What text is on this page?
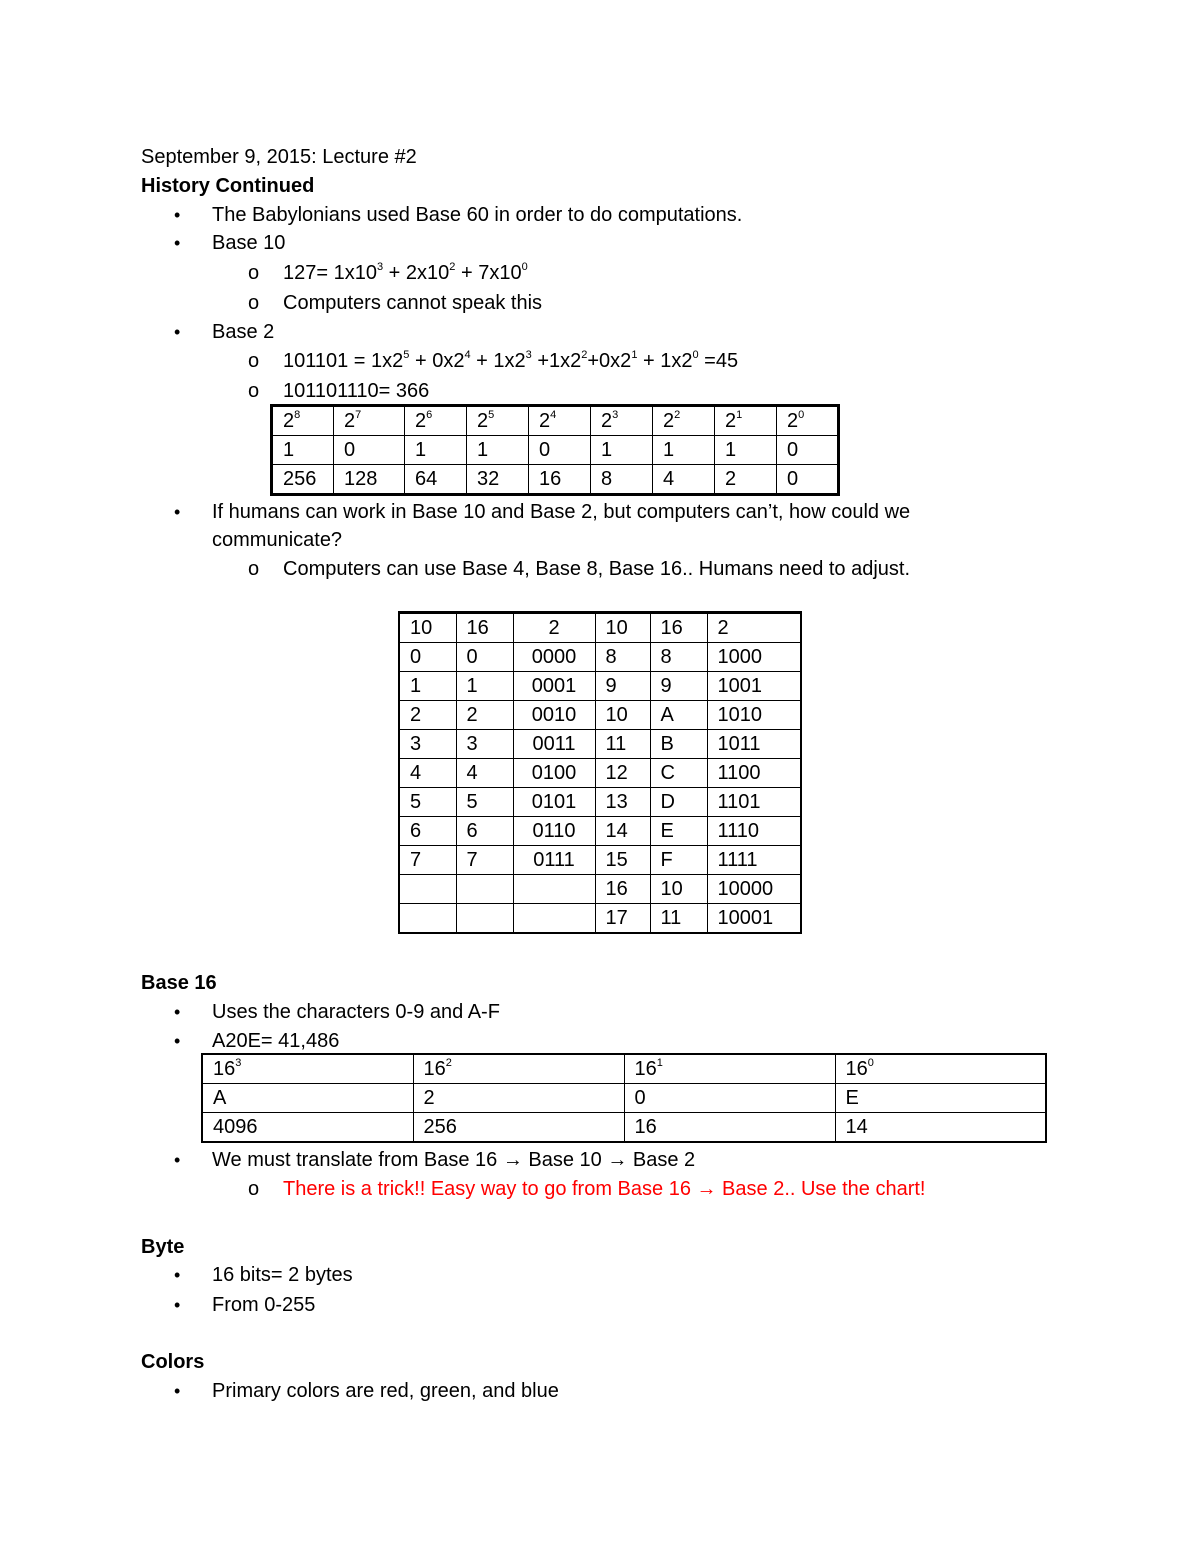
September 9, 2015: Lecture #2
History Continued
• The Babylonians used Base 60 in order to do computations.
• Base 10
o $127= 1x10^3 + 2x10^2 + 7x10^0$
o Computers cannot speak this
• Base 2
o $101101 = 1x2^5 + 0x2^4 + 1x2^3 +1x2^2+0x2^1 + 1x2^0 =45$
o 101101110= 366
$2^8$	$2^7$	$2^6$	$2^5$	$2^4$	$2^3$	$2^2$	$2^1$	$2^0$
1	0	1	1	0	1	1	1	0
256	128	64	32	16	8	4	2	0
• If humans can work in Base 10 and Base 2, but computers can’t, how could we
communicate?
o Computers can use Base 4, Base 8, Base 16.. Humans need to adjust.
10	16	2	10	16	2
0	0	0000	8	8	1000
1	1	0001	9	9	1001
2	2	0010	10	A	1010
3	3	0011	11	B	1011
4	4	0100	12	C	1100
5	5	0101	13	D	1101
6	6	0110	14	E	1110
7	7	0111	15	F	1111
			16	10	10000
			17	11	10001
Base 16
• Uses the characters 0-9 and A-F
• A20E= 41,486
$16^3$	$16^2$	$16^1$	$16^0$
A	2	0	E
4096	256	16	14
• We must translate from Base 16 → Base 10 → Base 2
o There is a trick!! Easy way to go from Base 16 → Base 2.. Use the chart!
Byte
• 16 bits= 2 bytes
• From 0-255
Colors
• Primary colors are red, green, and blue
